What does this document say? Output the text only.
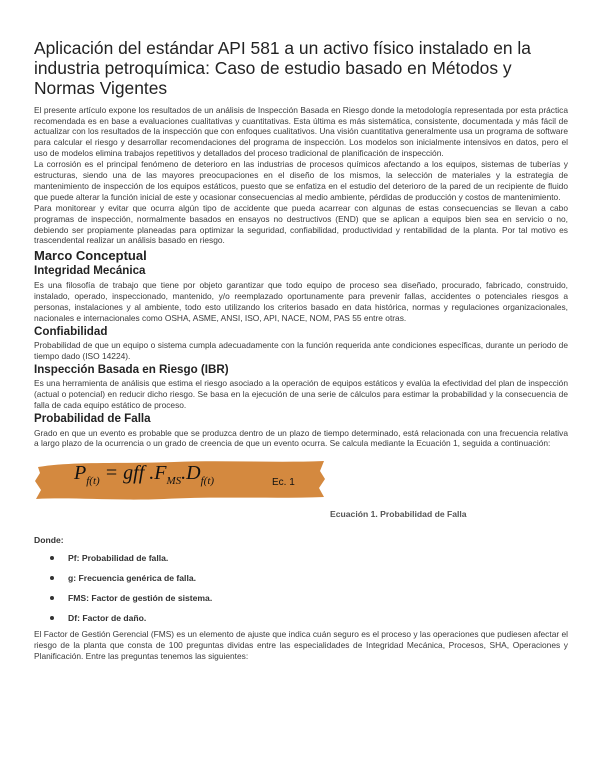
Aplicación del estándar API 581 a un activo físico instalado en la industria petroquímica: Caso de estudio basado en Métodos y Normas Vigentes

El presente artículo expone los resultados de un análisis de Inspección Basada en Riesgo donde la metodología representada por esta práctica recomendada es en base a evaluaciones cualitativas y cuantitativas. Esta última es más sistemática, consistente, documentada y más fácil de actualizar con los resultados de la inspección que con enfoques cualitativos. Una visión cuantitativa generalmente usa un programa de software para calcular el riesgo y desarrollar recomendaciones del programa de inspección. Los modelos son inicialmente intensivos en datos, pero el uso de modelos elimina trabajos repetitivos y detallados del proceso tradicional de planificación de inspección.

La corrosión es el principal fenómeno de deterioro en las industrias de procesos químicos afectando a los equipos, sistemas de tuberías y estructuras, siendo una de las mayores preocupaciones en el diseño de los mismos, la selección de materiales y la estrategia de mantenimiento de inspección de los equipos estáticos, puesto que se enfatiza en el estudio del deterioro de la pared de un recipiente de fluido que puede alterar la función inicial de este y ocasionar consecuencias al medio ambiente, pérdidas de producción y costos de mantenimiento.

Para monitorear y evitar que ocurra algún tipo de accidente que pueda acarrear con algunas de estas consecuencias se llevan a cabo programas de inspección, normalmente basados en ensayos no destructivos (END) que se aplican a equipos bien sea en servicio o no, debiendo ser propiamente planeadas para optimizar la seguridad, confiabilidad, productividad y rentabilidad de la planta. Por tal motivo es trascendental realizar un análisis basado en riesgo.

Marco Conceptual
Integridad Mecánica

Es una filosofía de trabajo que tiene por objeto garantizar que todo equipo de proceso sea diseñado, procurado, fabricado, construido, instalado, operado, inspeccionado, mantenido, y/o reemplazado oportunamente para prevenir fallas, accidentes o potenciales riesgos a personas, instalaciones y al ambiente, todo esto utilizando los criterios basado en data histórica, normas y regulaciones organizacionales, nacionales e internacionales como OSHA, ASME, ANSI, ISO, API, NACE, NOM, PAS 55 entre otras.

Confiabilidad

Probabilidad de que un equipo o sistema cumpla adecuadamente con la función requerida ante condiciones específicas, durante un periodo de tiempo dado (ISO 14224).

Inspección Basada en Riesgo (IBR)

Es una herramienta de análisis que estima el riesgo asociado a la operación de equipos estáticos y evalúa la efectividad del plan de inspección (actual o potencial) en reducir dicho riesgo. Se basa en la ejecución de una serie de cálculos para estimar la probabilidad y la consecuencia de falla de cada equipo estático de proceso.

Probabilidad de Falla

Grado en que un evento es probable que se produzca dentro de un plazo de tiempo determinado, está relacionada con una frecuencia relativa a largo plazo de la ocurrencia o un grado de creencia de que un evento ocurra. Se calcula mediante la Ecuación 1, seguida a continuación:

$P_{f(t)}$ = gff $.F_{MS}.D_{f(t)}$	Ec. 1
Ecuación 1. Probabilidad de Falla
Donde:
Pf: Probabilidad de falla.
g: Frecuencia genérica de falla.
FMS: Factor de gestión de sistema.
Df: Factor de daño.

El Factor de Gestión Gerencial (FMS) es un elemento de ajuste que indica cuán seguro es el proceso y las operaciones que pudiesen afectar el riesgo de la planta que consta de 100 preguntas dividas entre las especialidades de Integridad Mecánica, Procesos, SHA, Operaciones y Planificación. Entre las preguntas tenemos las siguientes:
